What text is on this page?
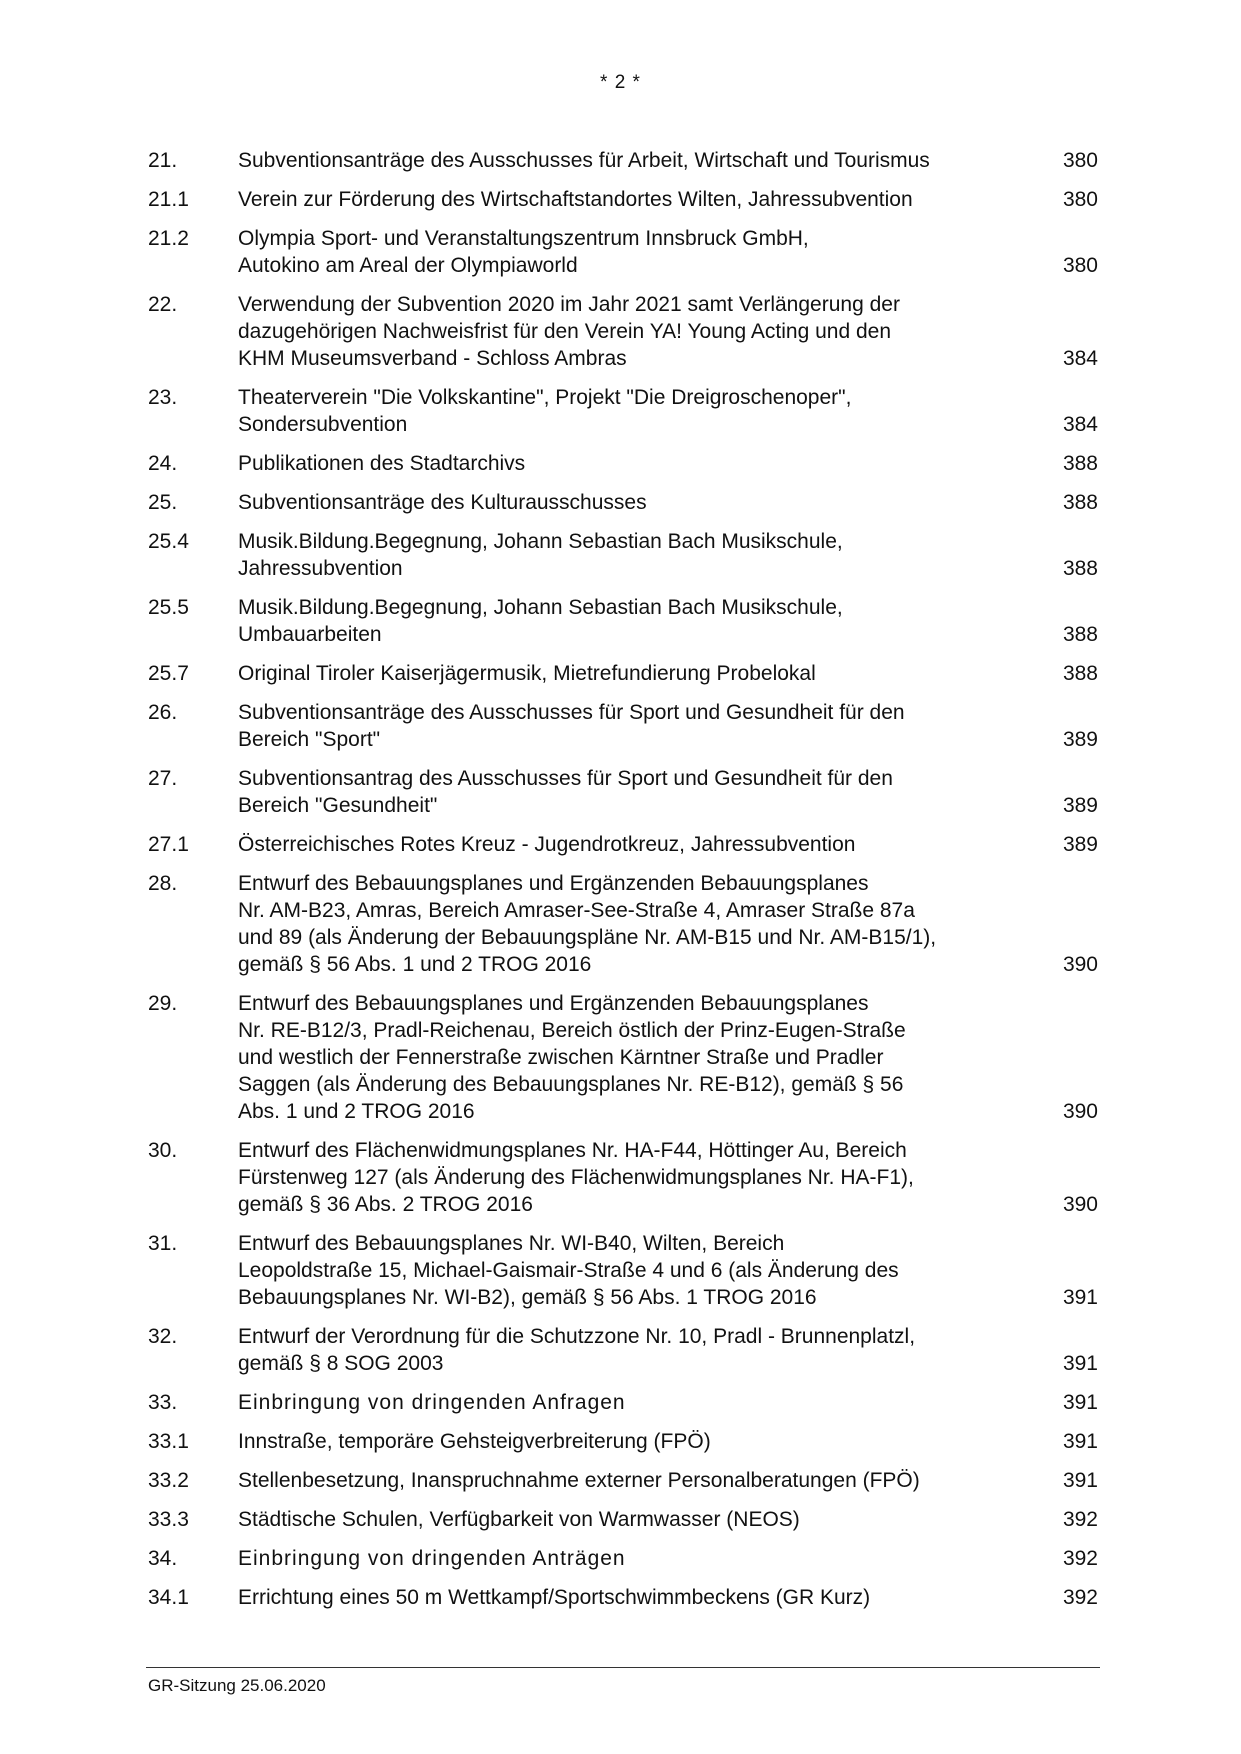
* 2 *
21.	Subventionsanträge des Ausschusses für Arbeit, Wirtschaft und Tourismus	380
21.1	Verein zur Förderung des Wirtschaftstandortes Wilten, Jahressubvention	380
21.2	Olympia Sport- und Veranstaltungszentrum Innsbruck GmbH,
Autokino am Areal der Olympiaworld	380
22.	Verwendung der Subvention 2020 im Jahr 2021 samt Verlängerung der
dazugehörigen Nachweisfrist für den Verein YA! Young Acting und den
KHM Museumsverband - Schloss Ambras	384
23.	Theaterverein "Die Volkskantine", Projekt "Die Dreigroschenoper",
Sondersubvention	384
24.	Publikationen des Stadtarchivs	388
25.	Subventionsanträge des Kulturausschusses	388
25.4	Musik.Bildung.Begegnung, Johann Sebastian Bach Musikschule,
Jahressubvention	388
25.5	Musik.Bildung.Begegnung, Johann Sebastian Bach Musikschule,
Umbauarbeiten	388
25.7	Original Tiroler Kaiserjägermusik, Mietrefundierung Probelokal	388
26.	Subventionsanträge des Ausschusses für Sport und Gesundheit für den
Bereich "Sport"	389
27.	Subventionsantrag des Ausschusses für Sport und Gesundheit für den
Bereich "Gesundheit"	389
27.1	Österreichisches Rotes Kreuz - Jugendrotkreuz, Jahressubvention	389
28.	Entwurf des Bebauungsplanes und Ergänzenden Bebauungsplanes
Nr. AM-B23, Amras, Bereich Amraser-See-Straße 4, Amraser Straße 87a
und 89 (als Änderung der Bebauungspläne Nr. AM-B15 und Nr. AM-B15/1),
gemäß § 56 Abs. 1 und 2 TROG 2016	390
29.	Entwurf des Bebauungsplanes und Ergänzenden Bebauungsplanes
Nr. RE-B12/3, Pradl-Reichenau, Bereich östlich der Prinz-Eugen-Straße
und westlich der Fennerstraße zwischen Kärntner Straße und Pradler
Saggen (als Änderung des Bebauungsplanes Nr. RE-B12), gemäß § 56
Abs. 1 und 2 TROG 2016	390
30.	Entwurf des Flächenwidmungsplanes Nr. HA-F44, Höttinger Au, Bereich
Fürstenweg 127 (als Änderung des Flächenwidmungsplanes Nr. HA-F1),
gemäß § 36 Abs. 2 TROG 2016	390
31.	Entwurf des Bebauungsplanes Nr. WI-B40, Wilten, Bereich
Leopoldstraße 15, Michael-Gaismair-Straße 4 und 6 (als Änderung des
Bebauungsplanes Nr. WI-B2), gemäß § 56 Abs. 1 TROG 2016	391
32.	Entwurf der Verordnung für die Schutzzone Nr. 10, Pradl - Brunnenplatzl,
gemäß § 8 SOG 2003	391
33.	Einbringung von dringenden Anfragen	391
33.1	Innstraße, temporäre Gehsteigverbreiterung (FPÖ)	391
33.2	Stellenbesetzung, Inanspruchnahme externer Personalberatungen (FPÖ)	391
33.3	Städtische Schulen, Verfügbarkeit von Warmwasser (NEOS)	392
34.	Einbringung von dringenden Anträgen	392
34.1	Errichtung eines 50 m Wettkampf/Sportschwimmbeckens (GR Kurz)	392
GR-Sitzung 25.06.2020
